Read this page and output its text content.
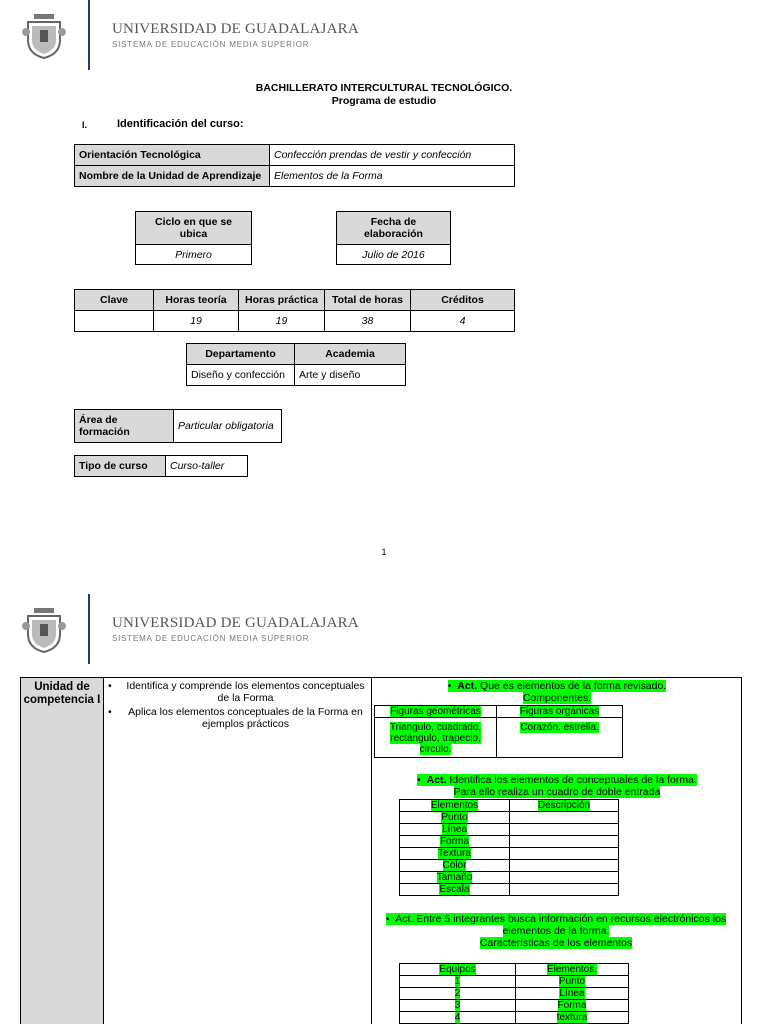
UNIVERSIDAD DE GUADALAJARA
SISTEMA DE EDUCACIÓN MEDIA SUPERIOR
BACHILLERATO INTERCULTURAL TECNOLÓGICO.
Programa de estudio
I.	Identificación del curso:
Orientación Tecnológica	Confección prendas de vestir y confección
Nombre de la Unidad de Aprendizaje	Elementos de la Forma
Ciclo en que se ubica
Primero
Fecha de elaboración
Julio de 2016
Clave	Horas teoría	Horas práctica	Total de horas	Créditos
	19	19	38	4
Departamento	Academia
Diseño y confección	Arte y diseño
Área de formación	Particular obligatoria
Tipo de curso	Curso-taller
1
UNIVERSIDAD DE GUADALAJARA
SISTEMA DE EDUCACIÓN MEDIA SUPERIOR
Unidad de competencia I
• Identifica y comprende los elementos conceptuales de la Forma
• Aplica los elementos conceptuales de la Forma en ejemplos prácticos
•  Act. Que es elementos de la forma revisado.
Componentes:
Figuras geométricas	Figuras orgánicas
Triangulo, cuadrado, rectángulo, trapecio, circulo.	Corazón, estrella.
•  Act. Identifica los elementos de conceptuales de la forma.
Para ello realiza un cuadro de doble entrada
Elementos	Descripción
Punto	
Línea	
Forma	
Textura	
Color	
Tamaño	
Escala	
•  Act. Entre 5 integrantes busca información en recursos electrónicos los elementos de la forma.
Características de los elementos
Equipos	Elementos.
1	Punto
2	Línea
3	Forma
4	textura
